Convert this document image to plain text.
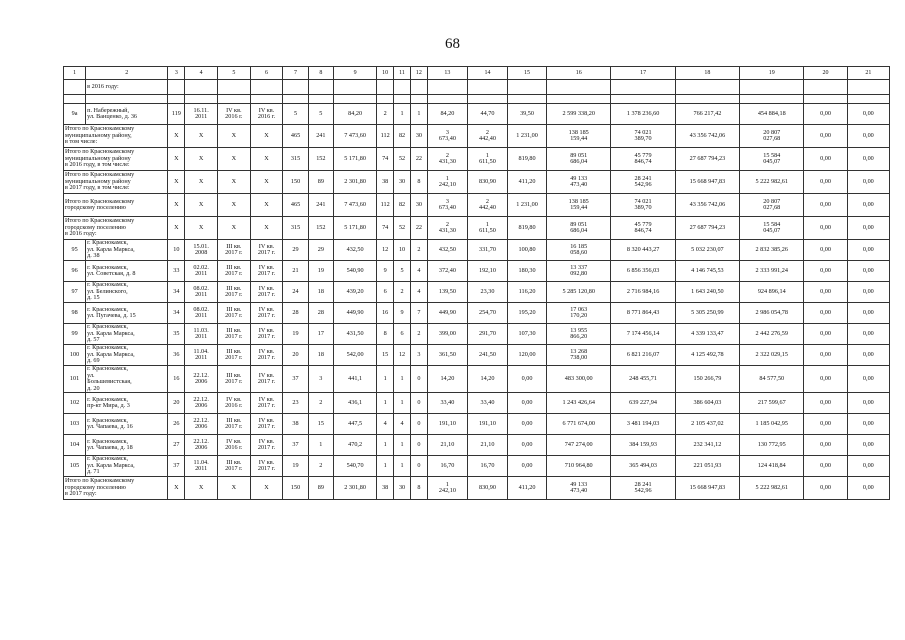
68
1	2	3	4	5	6	7	8	9	10	11	12	13	14	15	16	17	18	19	20	21
	в 2016 году:																			

9а	п. Набережный,
ул. Ванценко, д. 36	119	16.11.
2011	IV кв.
2016 г.	IV кв.
2016 г.	5	5	84,20	2	1	1	84,20	44,70	39,50	2 599 338,20	1 378 236,60	766 217,42	454 884,18	0,00	0,00
Итого по Краснокамскому
муниципальному району,
в том числе:		X	X	X	X	465	241	7 473,60	112	82	30	3
673,40	2
442,40	1 231,00	138 185
159,44	74 021
389,70	43 356 742,06	20 807
027,68	0,00	0,00
Итого по Краснокамскому
муниципальному району
в 2016 году, в том числе:		X	X	X	X	315	152	5 171,80	74	52	22	2
431,30	1
611,50	819,80	89 051
686,04	45 779
846,74	27 687 794,23	15 584
045,07	0,00	0,00
Итого по Краснокамскому
муниципальному району
в 2017 году, в том числе:		X	X	X	X	150	89	2 301,80	38	30	8	1
242,10	830,90	411,20	49 133
473,40	28 241
542,96	15 668 947,83	5 222 982,61	0,00	0,00
Итого по Краснокамскому
городскому поселению		X	X	X	X	465	241	7 473,60	112	82	30	3
673,40	2
442,40	1 231,00	138 185
159,44	74 021
389,70	43 356 742,06	20 807
027,68	0,00	0,00
Итого по Краснокамскому
городскому поселению
в 2016 году:		X	X	X	X	315	152	5 171,80	74	52	22	2
431,30	1
611,50	819,80	89 051
686,04	45 779
846,74	27 687 794,23	15 584
045,07	0,00	0,00
95	г. Краснокамск,
ул. Карла Маркса,
д. 38	10	15.01.
2008	III кв.
2017 г.	IV кв.
2017 г.	29	29	432,50	12	10	2	432,50	331,70	100,80	16 185
058,60	8 320 443,27	5 032 230,07	2 832 385,26	0,00	0,00
96	г. Краснокамск,
ул. Советская, д. 8	33	02.02.
2011	III кв.
2017 г.	IV кв.
2017 г.	21	19	540,90	9	5	4	372,40	192,10	180,30	13 337
092,80	6 856 356,03	4 146 745,53	2 333 991,24	0,00	0,00
97	г. Краснокамск,
ул. Белинского,
д. 15	34	08.02.
2011	III кв.
2017 г.	IV кв.
2017 г.	24	18	439,20	6	2	4	139,50	23,30	116,20	5 285 120,80	2 716 984,16	1 643 240,50	924 896,14	0,00	0,00
98	г. Краснокамск,
ул. Пугачева, д. 15	34	08.02.
2011	III кв.
2017 г.	IV кв.
2017 г.	28	28	449,90	16	9	7	449,90	254,70	195,20	17 063
170,20	8 771 864,43	5 305 250,99	2 986 054,78	0,00	0,00
99	г. Краснокамск,
ул. Карла Маркса,
д. 57	35	11.03.
2011	III кв.
2017 г.	IV кв.
2017 г.	19	17	431,50	8	6	2	399,00	291,70	107,30	13 955
866,20	7 174 456,14	4 339 133,47	2 442 276,59	0,00	0,00
100	г. Краснокамск,
ул. Карла Маркса,
д. 69	36	11.04.
2011	III кв.
2017 г.	IV кв.
2017 г.	20	18	542,00	15	12	3	361,50	241,50	120,00	13 268
738,00	6 821 216,07	4 125 492,78	2 322 029,15	0,00	0,00
101	г. Краснокамск,
ул.
Большевистская,
д. 20	16	22.12.
2006	III кв.
2017 г.	IV кв.
2017 г.	37	3	441,1	1	1	0	14,20	14,20	0,00	483 300,00	248 455,71	150 266,79	84 577,50	0,00	0,00
102	г. Краснокамск,
пр-кт Мира, д. 3	20	22.12.
2006	IV кв.
2016 г.	IV кв.
2017 г.	23	2	436,1	1	1	0	33,40	33,40	0,00	1 243 426,64	639 227,94	386 604,03	217 599,67	0,00	0,00
103	г. Краснокамск,
ул. Чапаева, д. 16	26	22.12.
2006	III кв.
2017 г.	IV кв.
2017 г.	38	15	447,5	4	4	0	191,10	191,10	0,00	6 771 674,00	3 481 194,03	2 105 437,02	1 185 042,95	0,00	0,00
104	г. Краснокамск,
ул. Чапаева, д. 18	27	22.12.
2006	IV кв.
2016 г.	IV кв.
2017 г.	37	1	470,2	1	1	0	21,10	21,10	0,00	747 274,00	384 159,93	232 341,12	130 772,95	0,00	0,00
105	г. Краснокамск,
ул. Карла Маркса,
д. 71	37	11.04.
2011	III кв.
2017 г.	IV кв.
2017 г.	19	2	540,70	1	1	0	16,70	16,70	0,00	710 964,80	365 494,03	221 051,93	124 418,84	0,00	0,00
Итого по Краснокамскому
городскому поселению
в 2017 году:		X	X	X	X	150	89	2 301,80	38	30	8	1
242,10	830,90	411,20	49 133
473,40	28 241
542,96	15 668 947,83	5 222 982,61	0,00	0,00
